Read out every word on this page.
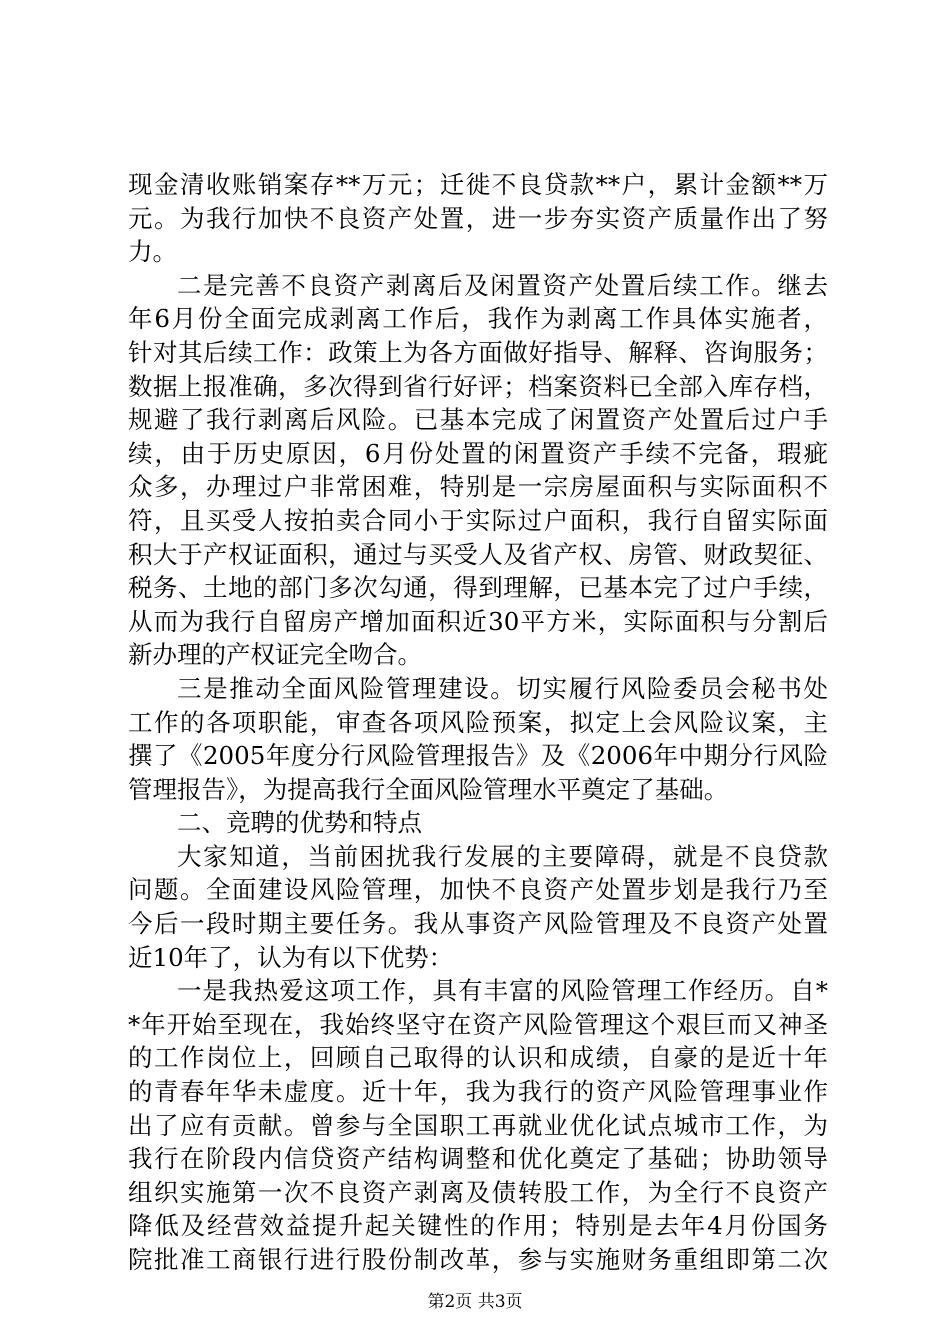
现金清收账销案存**万元；迁徙不良贷款**户，累计金额**万
元。为我行加快不良资产处置，进一步夯实资产质量作出了努
力。
二是完善不良资产剥离后及闲置资产处置后续工作。继去
年6月份全面完成剥离工作后，我作为剥离工作具体实施者，
针对其后续工作：政策上为各方面做好指导、解释、咨询服务；
数据上报准确，多次得到省行好评；档案资料已全部入库存档，
规避了我行剥离后风险。已基本完成了闲置资产处置后过户手
续，由于历史原因，6月份处置的闲置资产手续不完备，瑕疵
众多，办理过户非常困难，特别是一宗房屋面积与实际面积不
符，且买受人按拍卖合同小于实际过户面积，我行自留实际面
积大于产权证面积，通过与买受人及省产权、房管、财政契征、
税务、土地的部门多次勾通，得到理解，已基本完了过户手续，
从而为我行自留房产增加面积近30平方米，实际面积与分割后
新办理的产权证完全吻合。
三是推动全面风险管理建设。切实履行风险委员会秘书处
工作的各项职能，审查各项风险预案，拟定上会风险议案，主
撰了《2005年度分行风险管理报告》及《2006年中期分行风险
管理报告》，为提高我行全面风险管理水平奠定了基础。
二、竞聘的优势和特点
大家知道，当前困扰我行发展的主要障碍，就是不良贷款
问题。全面建设风险管理，加快不良资产处置步划是我行乃至
今后一段时期主要任务。我从事资产风险管理及不良资产处置
近10年了，认为有以下优势：
一是我热爱这项工作，具有丰富的风险管理工作经历。自*
*年开始至现在，我始终坚守在资产风险管理这个艰巨而又神圣
的工作岗位上，回顾自己取得的认识和成绩，自豪的是近十年
的青春年华未虚度。近十年，我为我行的资产风险管理事业作
出了应有贡献。曾参与全国职工再就业优化试点城市工作，为
我行在阶段内信贷资产结构调整和优化奠定了基础；协助领导
组织实施第一次不良资产剥离及债转股工作，为全行不良资产
降低及经营效益提升起关键性的作用；特别是去年4月份国务
院批准工商银行进行股份制改革，参与实施财务重组即第二次
第2页 共3页
